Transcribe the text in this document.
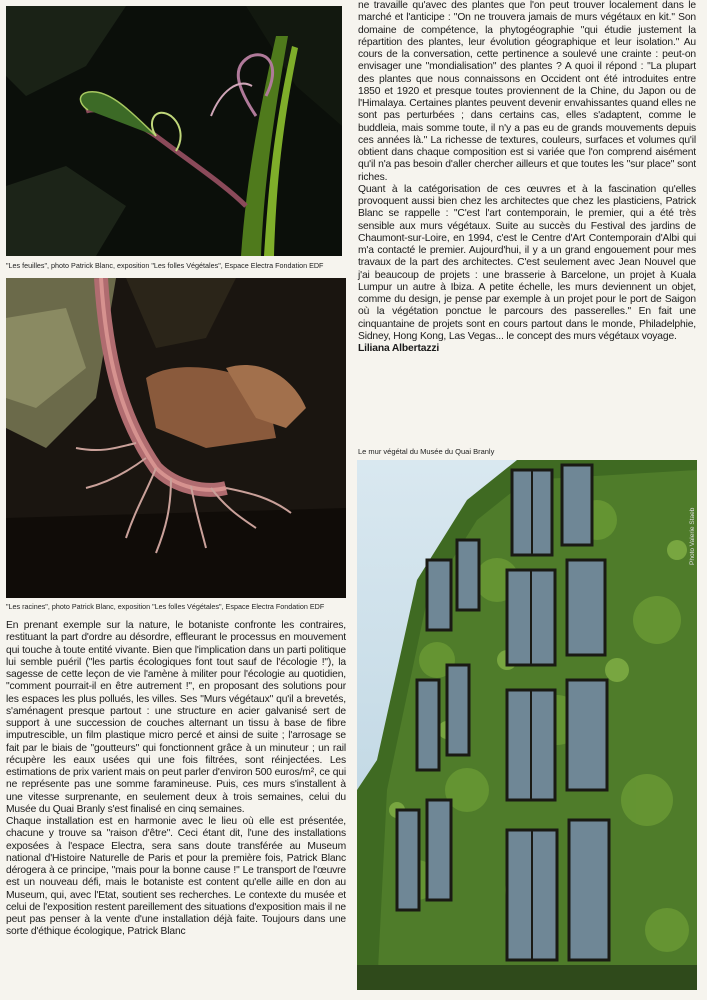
"Les feuilles", photo Patrick Blanc, exposition "Les folles Végétales", Espace Electra Fondation EDF
"Les racines", photo Patrick Blanc, exposition "Les folles Végétales", Espace Electra Fondation EDF

En prenant exemple sur la nature, le botaniste confronte les contraires, restituant la part d'ordre au désordre, effleurant le processus en mouvement qui touche à toute entité vivante. Bien que l'implication dans un parti politique lui semble puéril ("les partis écologiques font tout sauf de l'écologie !"), la sagesse de cette leçon de vie l'amène à militer pour l'écologie au quotidien, "comment pourrait-il en être autrement !", en proposant des solutions pour les espaces les plus pollués, les villes. Ses "Murs végétaux" qu'il a brevetés, s'aménagent presque partout : une structure en acier galvanisé sert de support à une succession de couches alternant un tissu à base de fibre imputrescible, un film plastique micro percé et ainsi de suite ; l'arrosage se fait par le biais de "goutteurs" qui fonctionnent grâce à un minuteur ; un rail récupère les eaux usées qui une fois filtrées, sont réinjectées. Les estimations de prix varient mais on peut parler d'environ 500 euros/m², ce qui ne représente pas une somme faramineuse. Puis, ces murs s'installent à une vitesse surprenante, en seulement deux à trois semaines, celui du Musée du Quai Branly s'est finalisé en cinq semaines.

Chaque installation est en harmonie avec le lieu où elle est présentée, chacune y trouve sa "raison d'être". Ceci étant dit, l'une des installations exposées à l'espace Electra, sera sans doute transférée au Museum national d'Histoire Naturelle de Paris et pour la première fois, Patrick Blanc dérogera à ce principe, "mais pour la bonne cause !" Le transport de l'œuvre est un nouveau défi, mais le botaniste est content qu'elle aille en don au Museum, qui, avec l'Etat, soutient ses recherches. Le contexte du musée et celui de l'exposition restent pareillement des situations d'exposition mais il ne peut pas penser à la vente d'une installation déjà faite. Toujours dans une sorte d'éthique écologique, Patrick Blanc

ne travaille qu'avec des plantes que l'on peut trouver localement dans le marché et l'anticipe : "On ne trouvera jamais de murs végétaux en kit." Son domaine de compétence, la phytogéographie "qui étudie justement la répartition des plantes, leur évolution géographique et leur isolation." Au cours de la conversation, cette pertinence a soulevé une crainte : peut-on envisager une "mondialisation" des plantes ? A quoi il répond : "La plupart des plantes que nous connaissons en Occident ont été introduites entre 1850 et 1920 et presque toutes proviennent de la Chine, du Japon ou de l'Himalaya. Certaines plantes peuvent devenir envahissantes quand elles ne sont pas perturbées ; dans certains cas, elles s'adaptent, comme le buddleia, mais somme toute, il n'y a pas eu de grands mouvements depuis ces années là." La richesse de textures, couleurs, surfaces et volumes qu'il obtient dans chaque composition est si variée que l'on comprend aisément qu'il n'a pas besoin d'aller chercher ailleurs et que toutes les "sur place" sont riches.

Quant à la catégorisation de ces œuvres et à la fascination qu'elles provoquent aussi bien chez les architectes que chez les plasticiens, Patrick Blanc se rappelle : "C'est l'art contemporain, le premier, qui a été très sensible aux murs végétaux. Suite au succès du Festival des jardins de Chaumont-sur-Loire, en 1994, c'est le Centre d'Art Contemporain d'Albi qui m'a contacté le premier. Aujourd'hui, il y a un grand engouement pour mes travaux de la part des architectes. C'est seulement avec Jean Nouvel que j'ai beaucoup de projets : une brasserie à Barcelone, un projet à Kuala Lumpur un autre à Ibiza. A petite échelle, les murs deviennent un objet, comme du design, je pense par exemple à un projet pour le port de Saigon où la végétation ponctue le parcours des passerelles." En fait une cinquantaine de projets sont en cours partout dans le monde, Philadelphie, Sidney, Hong Kong, Las Vegas... le concept des murs végétaux voyage.

Liliana Albertazzi

Le mur végétal du Musée du Quai Branly
Photo Valerie Staeb
